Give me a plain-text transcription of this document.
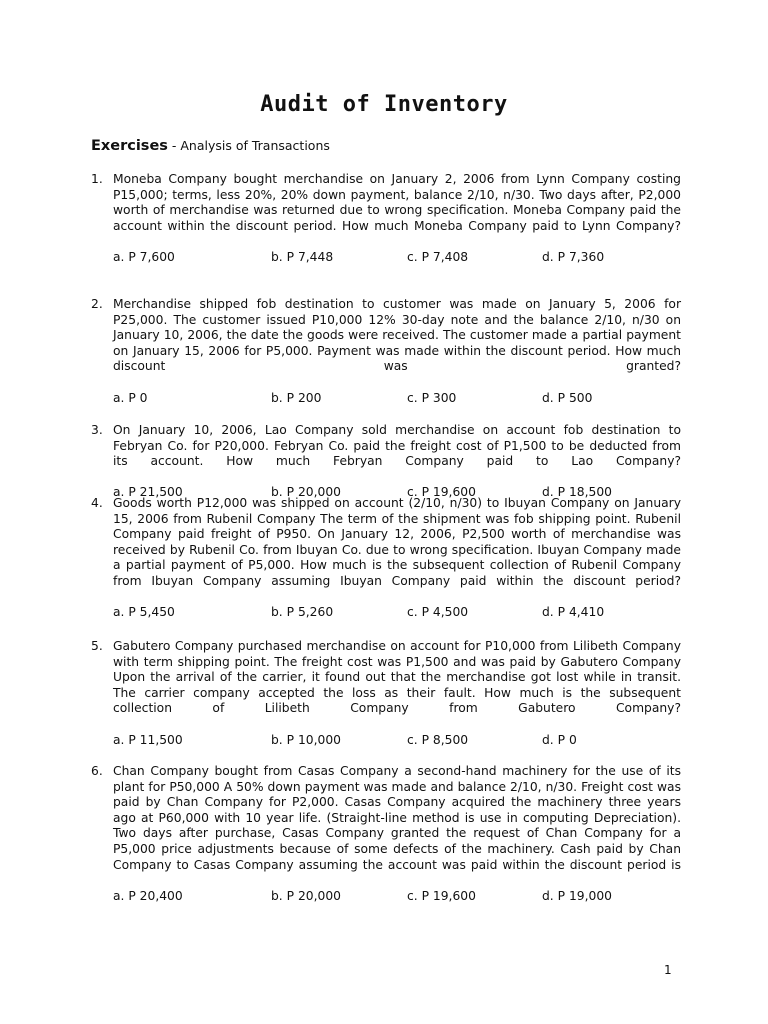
Audit of Inventory
Exercises - Analysis of Transactions
1. Moneba Company bought merchandise on January 2, 2006 from Lynn Company costing P15,000; terms, less 20%, 20% down payment, balance 2/10, n/30. Two days after, P2,000 worth of merchandise was returned due to wrong specification. Moneba Company paid the account within the discount period. How much Moneba Company paid to Lynn Company?
a. P 7,600	b. P 7,448	c. P 7,408	d. P 7,360
2. Merchandise shipped fob destination to customer was made on January 5, 2006 for P25,000. The customer issued P10,000 12% 30-day note and the balance 2/10, n/30 on January 10, 2006, the date the goods were received. The customer made a partial payment on January 15, 2006 for P5,000. Payment was made within the discount period. How much discount was granted?
a. P 0	b. P 200	c. P 300	d. P 500
3. On January 10, 2006, Lao Company sold merchandise on account fob destination to Febryan Co. for P20,000. Febryan Co. paid the freight cost of P1,500 to be deducted from its account. How much Febryan Company paid to Lao Company?
a. P 21,500	b. P 20,000	c. P 19,600	d. P 18,500
4. Goods worth P12,000 was shipped on account (2/10, n/30) to Ibuyan Company on January 15, 2006 from Rubenil Company The term of the shipment was fob shipping point. Rubenil Company paid freight of P950. On January 12, 2006, P2,500 worth of merchandise was received by Rubenil Co. from Ibuyan Co. due to wrong specification. Ibuyan Company made a partial payment of P5,000. How much is the subsequent collection of Rubenil Company from Ibuyan Company assuming Ibuyan Company paid within the discount period?
a. P 5,450	b. P 5,260	c. P 4,500	d. P 4,410
5. Gabutero Company purchased merchandise on account for P10,000 from Lilibeth Company with term shipping point. The freight cost was P1,500 and was paid by Gabutero Company Upon the arrival of the carrier, it found out that the merchandise got lost while in transit. The carrier company accepted the loss as their fault. How much is the subsequent collection of Lilibeth Company from Gabutero Company?
a. P 11,500	b. P 10,000	c. P 8,500	d. P 0
6. Chan Company bought from Casas Company a second-hand machinery for the use of its plant for P50,000 A 50% down payment was made and balance 2/10, n/30. Freight cost was paid by Chan Company for P2,000. Casas Company acquired the machinery three years ago at P60,000 with 10 year life. (Straight-line method is use in computing Depreciation). Two days after purchase, Casas Company granted the request of Chan Company for a P5,000 price adjustments because of some defects of the machinery. Cash paid by Chan Company to Casas Company assuming the account was paid within the discount period is
a. P 20,400	b. P 20,000	c. P 19,600	d. P 19,000
1
